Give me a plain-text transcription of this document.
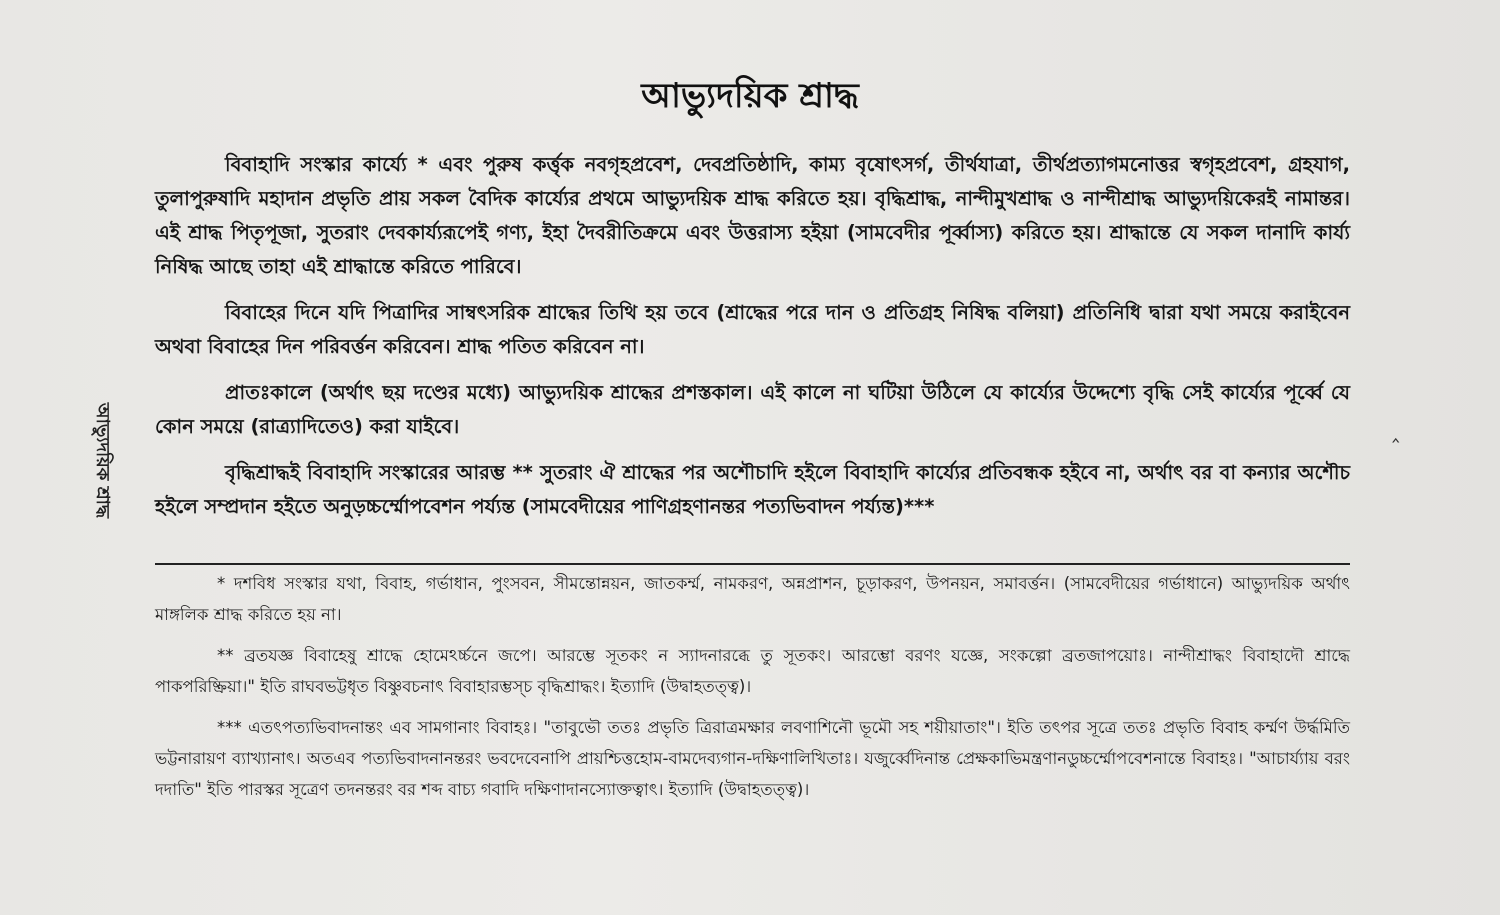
আভ্যুদয়িক শ্রাদ্ধ
আভ্যুদয়িক শ্রাদ্ধ

বিবাহাদি সংস্কার কার্য্যে * এবং পুরুষ কর্ত্তৃক নবগৃহপ্রবেশ, দেবপ্রতিষ্ঠাদি, কাম্য বৃষোৎসর্গ, তীর্থযাত্রা, তীর্থপ্রত্যাগমনোত্তর স্বগৃহপ্রবেশ, গ্রহযাগ, তুলাপুরুষাদি মহাদান প্রভৃতি প্রায় সকল বৈদিক কার্য্যের প্রথমে আভ্যুদয়িক শ্রাদ্ধ করিতে হয়। বৃদ্ধিশ্রাদ্ধ, নান্দীমুখশ্রাদ্ধ ও নান্দীশ্রাদ্ধ আভ্যুদয়িকেরই নামান্তর। এই শ্রাদ্ধ পিতৃপূজা, সুতরাং দেবকার্য্যরূপেই গণ্য, ইহা দৈবরীতিক্রমে এবং উত্তরাস্য হইয়া (সামবেদীর পূর্ব্বাস্য) করিতে হয়। শ্রাদ্ধান্তে যে সকল দানাদি কার্য্য নিষিদ্ধ আছে তাহা এই শ্রাদ্ধান্তে করিতে পারিবে।

বিবাহের দিনে যদি পিত্রাদির সাম্বৎসরিক শ্রাদ্ধের তিথি হয় তবে (শ্রাদ্ধের পরে দান ও প্রতিগ্রহ নিষিদ্ধ বলিয়া) প্রতিনিধি দ্বারা যথা সময়ে করাইবেন অথবা বিবাহের দিন পরিবর্ত্তন করিবেন। শ্রাদ্ধ পতিত করিবেন না।

প্রাতঃকালে (অর্থাৎ ছয় দণ্ডের মধ্যে) আভ্যুদয়িক শ্রাদ্ধের প্রশস্তকাল। এই কালে না ঘটিয়া উঠিলে যে কার্য্যের উদ্দেশ্যে বৃদ্ধি সেই কার্য্যের পূর্ব্বে যে কোন সময়ে (রাত্র্যাদিতেও) করা যাইবে।

বৃদ্ধিশ্রাদ্ধই বিবাহাদি সংস্কারের আরম্ভ ** সুতরাং ঐ শ্রাদ্ধের পর অশৌচাদি হইলে বিবাহাদি কার্য্যের প্রতিবন্ধক হইবে না, অর্থাৎ বর বা কন্যার অশৌচ হইলে সম্প্রদান হইতে অনুড়চ্চর্ম্মোপবেশন পর্য্যন্ত (সামবেদীয়ের পাণিগ্রহণানন্তর পত্যভিবাদন পর্য্যন্ত)***

‸

* দশবিধ সংস্কার যথা, বিবাহ, গর্ভাধান, পুংসবন, সীমন্তোন্নয়ন, জাতকর্ম্ম, নামকরণ, অন্নপ্রাশন, চূড়াকরণ, উপনয়ন, সমাবর্ত্তন। (সামবেদীয়ের গর্ভাধানে) আভ্যুদয়িক অর্থাৎ মাঙ্গলিক শ্রাদ্ধ করিতে হয় না।

** ব্রতযজ্ঞ বিবাহেষু শ্রাদ্ধে হোমেঽর্চ্চনে জপে। আরম্ভে সূতকং ন স্যাদনারব্ধে তু সূতকং। আরম্ভো বরণং যজ্ঞে, সংকল্পো ব্রতজাপয়োঃ। নান্দীশ্রাদ্ধং বিবাহাদৌ শ্রাদ্ধে পাকপরিষ্ক্রিয়া।" ইতি রাঘবভট্টধৃত বিষ্ণুবচনাৎ বিবাহারম্ভস্চ বৃদ্ধিশ্রাদ্ধং। ইত্যাদি (উদ্বাহতত্ত্ব)।

*** এতৎপত্যভিবাদনান্তং এব সামগানাং বিবাহঃ। "তাবুভৌ ততঃ প্রভৃতি ত্রিরাত্রমক্ষার লবণাশিনৌ ভূমৌ সহ শয়ীয়াতাং"। ইতি তৎপর সূত্রে ততঃ প্রভৃতি বিবাহ কর্ম্মণ উর্দ্ধমিতি ভট্টনারায়ণ ব্যাখ্যানাৎ। অতএব পত্যভিবাদনানন্তরং ভবদেবেনাপি প্রায়শ্চিত্তহোম-বামদেব্যগান-দক্ষিণালিখিতাঃ। যজুর্ব্বেদিনান্ত প্রেক্ষকাভিমন্ত্রণানডুচ্চর্ম্মোপবেশনান্তে বিবাহঃ। "আচার্য্যায় বরং দদাতি" ইতি পারস্কর সূত্রেণ তদনন্তরং বর শব্দ বাচ্য গবাদি দক্ষিণাদানস্যোক্তত্বাৎ। ইত্যাদি (উদ্বাহতত্ত্ব)।
